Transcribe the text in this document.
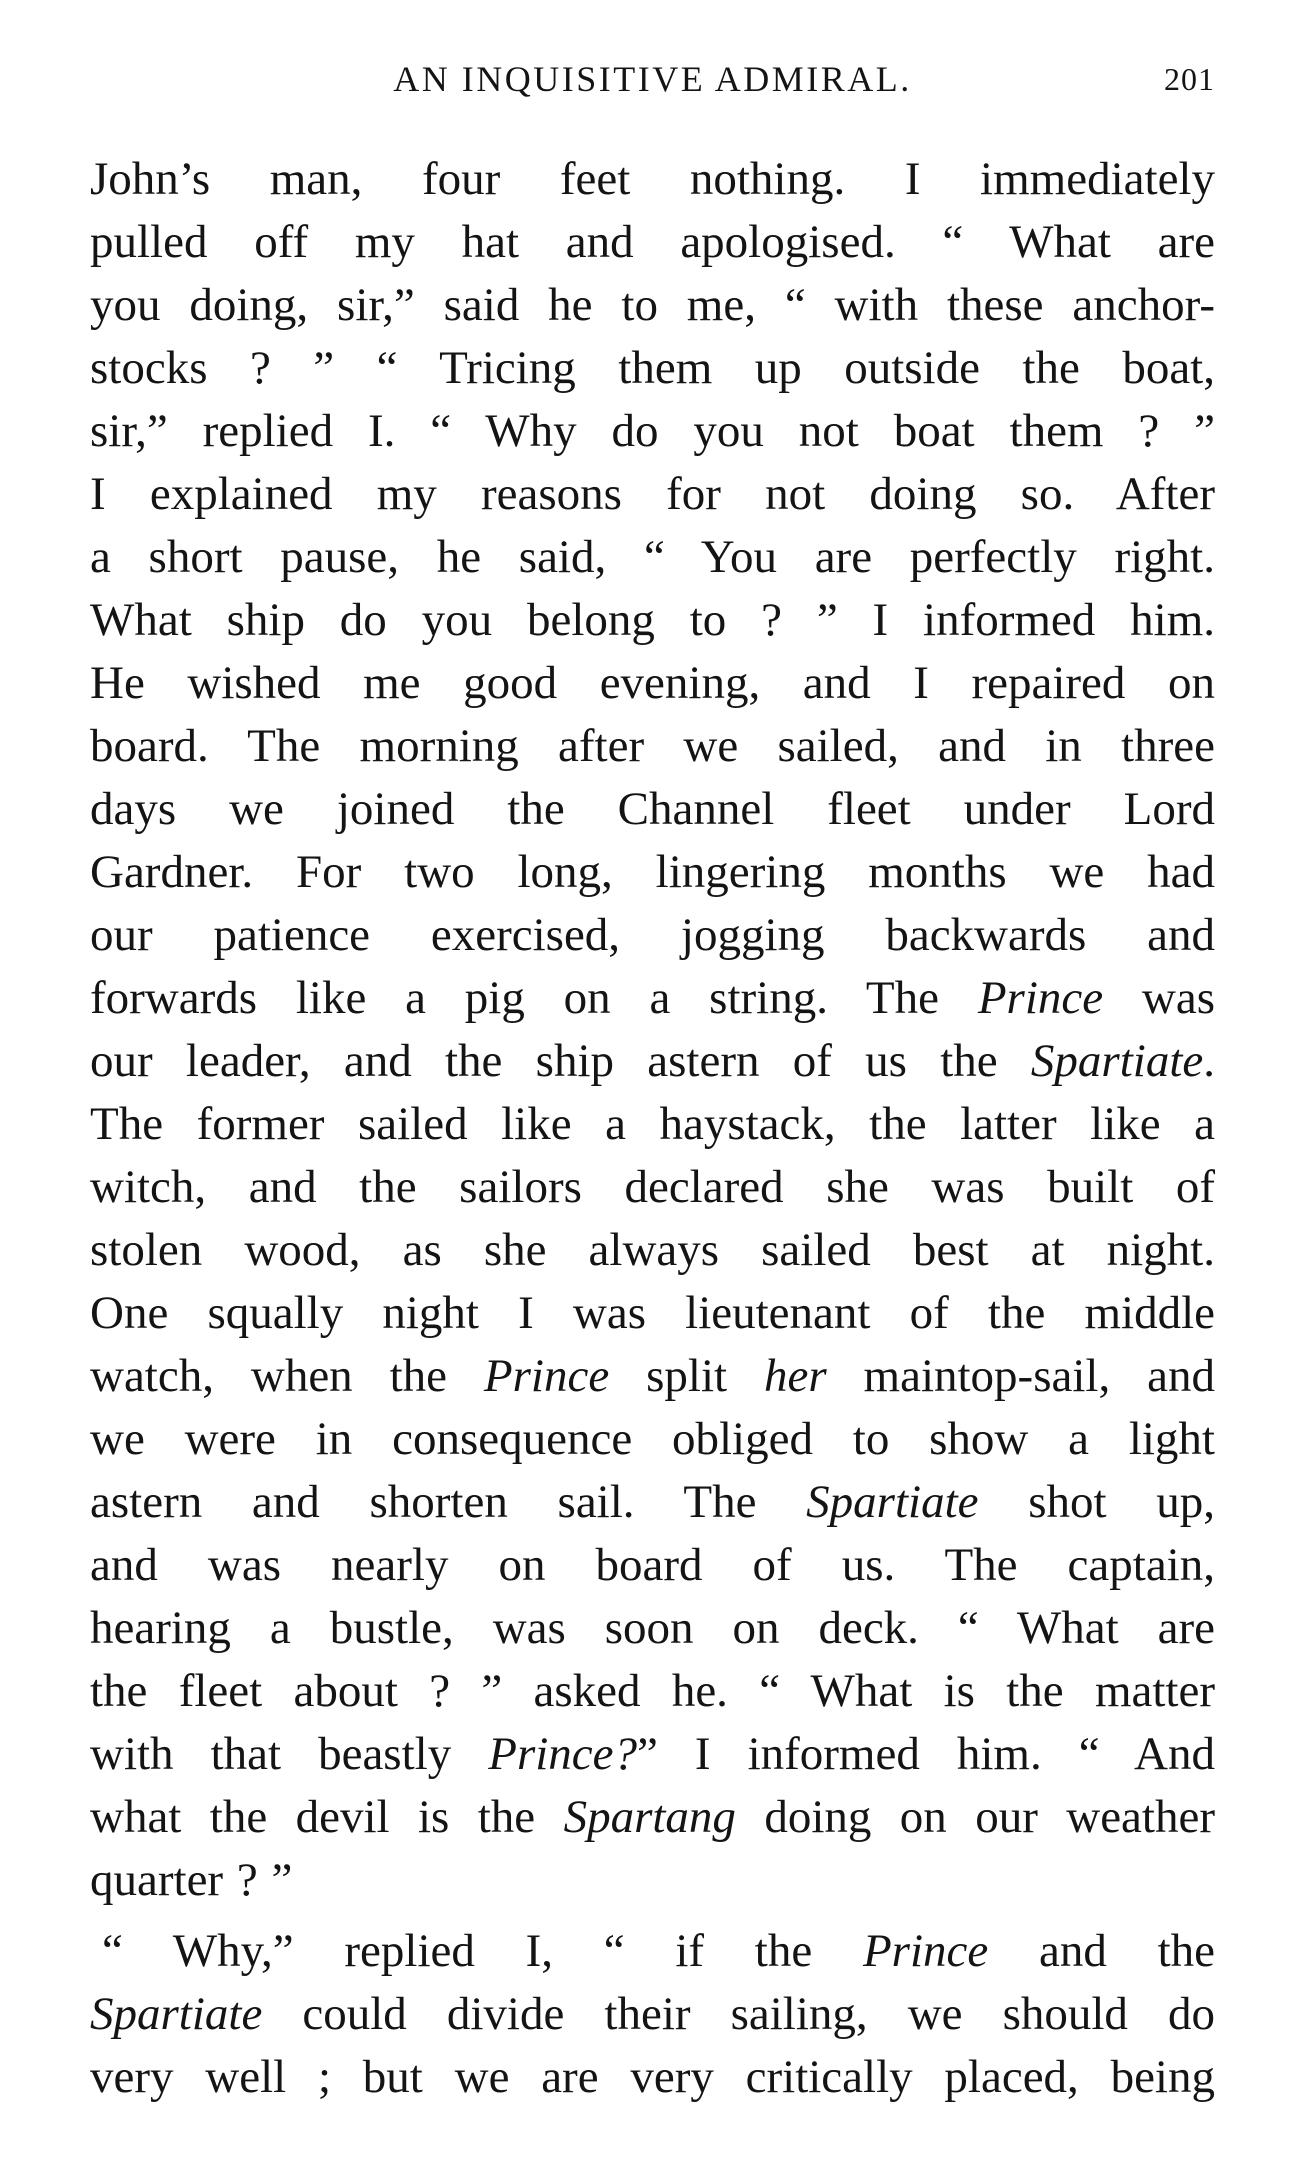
AN INQUISITIVE ADMIRAL.	201
John’s man, four feet nothing. I immediately
pulled off my hat and apologised. “ What are
you doing, sir,” said he to me, “ with these anchor-
stocks ? ” “ Tricing them up outside the boat,
sir,” replied I. “ Why do you not boat them ? ”
I explained my reasons for not doing so. After
a short pause, he said, “ You are perfectly right.
What ship do you belong to ? ” I informed him.
He wished me good evening, and I repaired on
board. The morning after we sailed, and in three
days we joined the Channel fleet under Lord
Gardner. For two long, lingering months we had
our patience exercised, jogging backwards and
forwards like a pig on a string. The Prince was
our leader, and the ship astern of us the Spartiate.
The former sailed like a haystack, the latter like a
witch, and the sailors declared she was built of
stolen wood, as she always sailed best at night.
One squally night I was lieutenant of the middle
watch, when the Prince split her maintop-sail, and
we were in consequence obliged to show a light
astern and shorten sail. The Spartiate shot up,
and was nearly on board of us. The captain,
hearing a bustle, was soon on deck. “ What are
the fleet about ? ” asked he. “ What is the matter
with that beastly Prince?” I informed him. “ And
what the devil is the Spartang doing on our weather
quarter ? ”
“ Why,” replied I, “ if the Prince and the
Spartiate could divide their sailing, we should do
very well ; but we are very critically placed, being
